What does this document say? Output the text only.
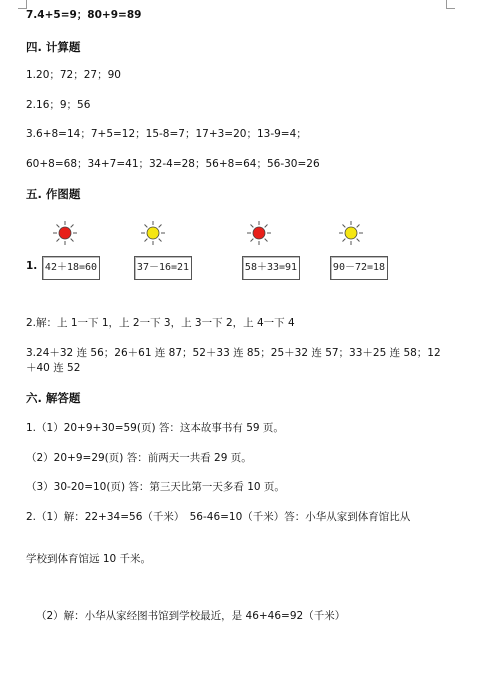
7.4+5=9；80+9=89
四. 计算题
1.20；72；27；90
2.16；9；56
3.6+8=14；7+5=12；15-8=7；17+3=20；13-9=4；
60+8=68；34+7=41；32-4=28；56+8=64；56-30=26
五. 作图题
1. 42＋18=60	37－16=21	58＋33=91	90－72=18
2.解：上 1一下 1，上 2一下 3，上 3一下 2，上 4一下 4
3.24＋32 连 56；26＋61 连 87；52＋33 连 85；25＋32 连 57；33＋25 连 58；12
＋40 连 52
六. 解答题
1.（1）20+9+30=59(页) 答：这本故事书有 59 页。
（2）20+9=29(页) 答：前两天一共看 29 页。
（3）30-20=10(页) 答：第三天比第一天多看 10 页。
2.（1）解：22+34=56（千米）　56-46=10（千米）答：小华从家到体育馆比从
学校到体育馆远 10 千米。
（2）解：小华从家经图书馆到学校最近，是 46+46=92（千米）
